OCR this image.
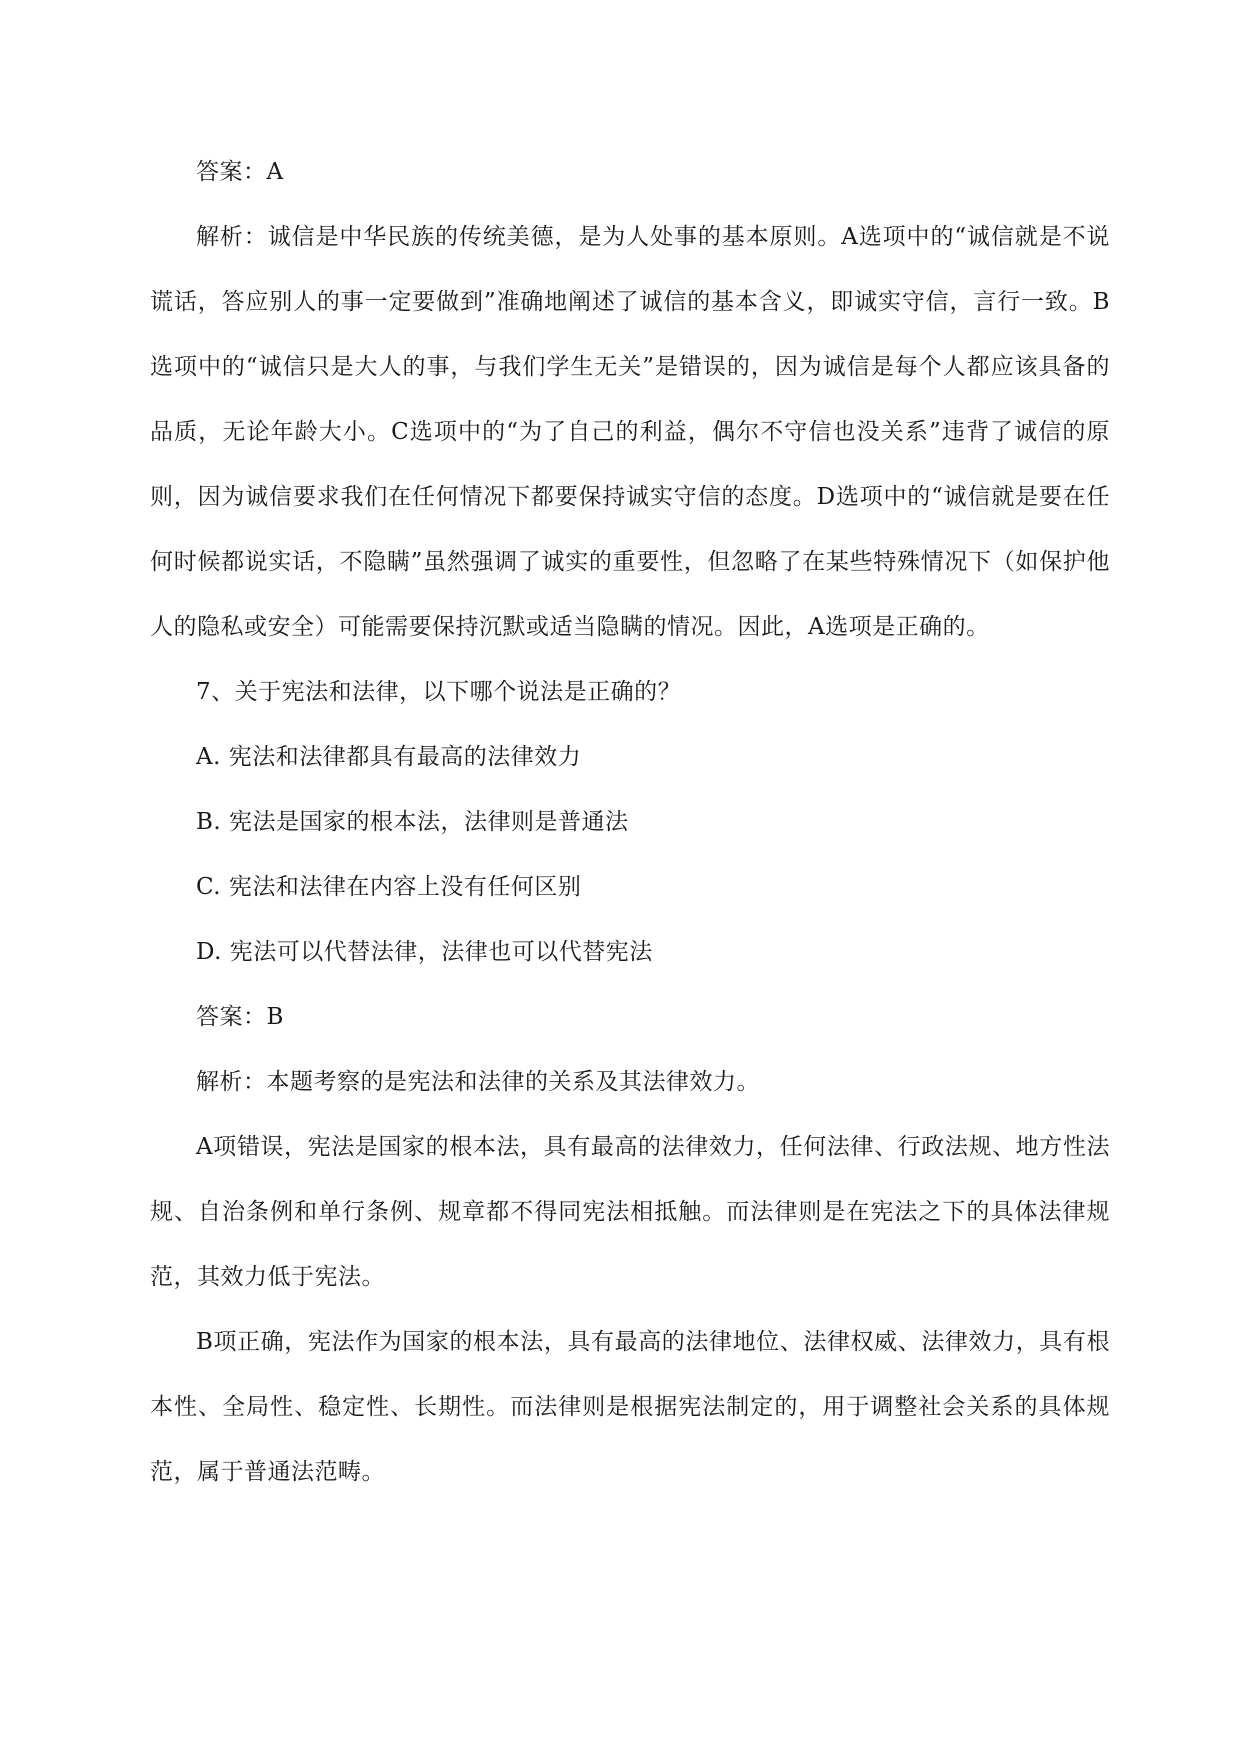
答案：A

解析：诚信是中华民族的传统美德，是为人处事的基本原则。A选项中的“诚信就是不说谎话，答应别人的事一定要做到”准确地阐述了诚信的基本含义，即诚实守信，言行一致。B选项中的“诚信只是大人的事，与我们学生无关”是错误的，因为诚信是每个人都应该具备的品质，无论年龄大小。C选项中的“为了自己的利益，偶尔不守信也没关系”违背了诚信的原则，因为诚信要求我们在任何情况下都要保持诚实守信的态度。D选项中的“诚信就是要在任何时候都说实话，不隐瞒”虽然强调了诚实的重要性，但忽略了在某些特殊情况下（如保护他人的隐私或安全）可能需要保持沉默或适当隐瞒的情况。因此，A选项是正确的。

7、关于宪法和法律，以下哪个说法是正确的？

A. 宪法和法律都具有最高的法律效力

B. 宪法是国家的根本法，法律则是普通法

C. 宪法和法律在内容上没有任何区别

D. 宪法可以代替法律，法律也可以代替宪法

答案：B

解析：本题考察的是宪法和法律的关系及其法律效力。

A项错误，宪法是国家的根本法，具有最高的法律效力，任何法律、行政法规、地方性法规、自治条例和单行条例、规章都不得同宪法相抵触。而法律则是在宪法之下的具体法律规范，其效力低于宪法。

B项正确，宪法作为国家的根本法，具有最高的法律地位、法律权威、法律效力，具有根本性、全局性、稳定性、长期性。而法律则是根据宪法制定的，用于调整社会关系的具体规范，属于普通法范畴。
